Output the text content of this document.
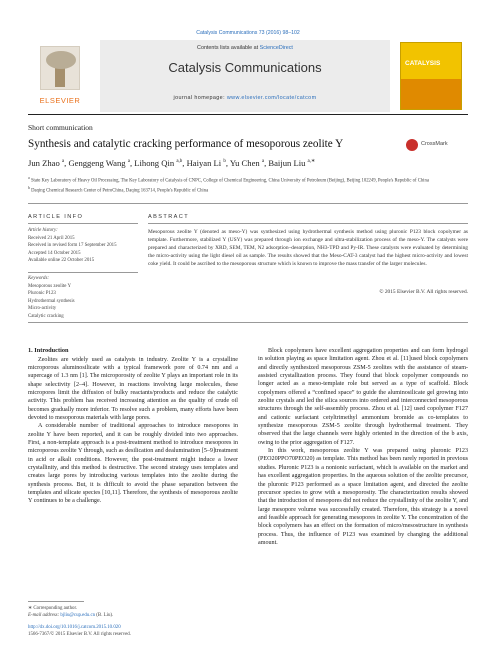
Catalysis Communications 73 (2016) 98–102
ELSEVIER
Contents lists available at ScienceDirect
Catalysis Communications
journal homepage: www.elsevier.com/locate/catcom
CATALYSIS
Short communication
Synthesis and catalytic cracking performance of mesoporous zeolite Y	CrossMark
Jun Zhao $^a$, Genggeng Wang $^a$, Lihong Qin $^{a,b}$, Haiyan Li $^b$, Yu Chen $^a$, Baijun Liu $^{a,∗}$
a State Key Laboratory of Heavy Oil Processing, The Key Laboratory of Catalysis of CNPC, College of Chemical Engineering, China University of Petroleum (Beijing), Beijing 102249, People's Republic of China
b Daqing Chemical Research Center of PetroChina, Daqing 163714, People's Republic of China
ARTICLE INFO	ABSTRACT
Article history:
Received 21 April 2015
Received in revised form 17 September 2015
Accepted 14 October 2015
Available online 22 October 2015
Keywords:
Mesoporous zeolite Y
Pluronic P123
Hydrothermal synthesis
Micro-activity
Catalytic cracking
Mesoporous zeolite Y (denoted as meso-Y) was synthesized using hydrothermal synthesis method using pluronic P123 block copolymer as template. Furthermore, stabilized Y (USY) was prepared through ion exchange and ultra-stabilization process of the meso-Y. The catalysts were prepared and characterized by XRD, SEM, TEM, N2 adsorption–desorption, NH3-TPD and Py-IR. These catalysts were evaluated by determining the micro-activity using the light diesel oil as sample. The results showed that the Meso-CAT-3 catalyst had the highest micro-activity and lowest coke yield. It could be ascribed to the mesoporous structure which is known to improve the mass transfer of the larger molecules.
© 2015 Elsevier B.V. All rights reserved.

1. Introduction

Zeolites are widely used as catalysts in industry. Zeolite Y is a crystalline microporous aluminosilicate with a typical framework pore of 0.74 nm and a supercage of 1.3 nm [1]. The microporosity of zeolite Y plays an important role in its shape selectivity [2–4]. However, in reactions involving large molecules, these micropores limit the diffusion of bulky reactants/products and reduce the catalytic activity. This problem has received increasing attention as the quality of crude oil becomes gradually more inferior. To resolve such a problem, many efforts have been devoted to mesoporous materials with large pores.

A considerable number of traditional approaches to introduce mesopores in zeolite Y have been reported, and it can be roughly divided into two approaches. First, a non-template approach is a post-treatment method to introduce mesopores in microporous zeolite Y through, such as desilication and dealumination [5–9]treatment in acid or alkali conditions. However, the post-treatment might induce a lower crystallinity, and this method is destructive. The second strategy uses templates and creates large pores by introducing various templates into the zeolite during the synthesis process. But, it is difficult to avoid the phase separation between the templates and silicate species [10,11]. Therefore, the synthesis of mesoporous zeolite Y continues to be a challenge.

Block copolymers have excellent aggregation properties and can form hydrogel in solution playing as space limitation agent. Zhou et al. [11]used block copolymers and directly synthesized mesoporous ZSM-5 zeolites with the assistance of steam-assisted crystallization process. They found that block copolymer compounds no longer acted as a meso-template role but served as a type of scaffold. Block copolymers offered a “confined space” to guide the aluminosilicate gel growing into zeolite crystals and led the silica sources into ordered and interconnected mesoporous structures through the self-assembly process. Zhou et al. [12] used copolymer F127 and cationic surfactant cetyltrimethyl ammonium bromide as co-templates to synthesize mesoporous ZSM-5 zeolite through hydrothermal treatment. They observed that the large channels were highly oriented in the direction of the b axis, owing to the prior aggregation of F127.

In this work, mesoporous zeolite Y was prepared using pluronic P123 (PEO20PPO70PEO20) as template. This method has been rarely reported in previous studies. Pluronic P123 is a nonionic surfactant, which is available on the market and has excellent aggregation properties. In the aqueous solution of the zeolite precursor, the pluronic P123 performed as a space limitation agent, and directed the zeolite precursor species to grow with a mesoporosity. The characterization results showed that the introduction of mesopores did not reduce the crystallinity of the zeolite Y, and large mesopore volume was successfully created. Therefore, this strategy is a novel and feasible approach for generating mesopores in zeolite Y. The concentration of the block copolymers has an effect on the formation of micro/mesostructure in synthesis process. Thus, the influence of P123 was examined by changing the additional amount.

∗ Corresponding author.
E-mail address: bjliu@cup.edu.cn (B. Liu).
http://dx.doi.org/10.1016/j.catcom.2015.10.020
1566-7367/© 2015 Elsevier B.V. All rights reserved.
